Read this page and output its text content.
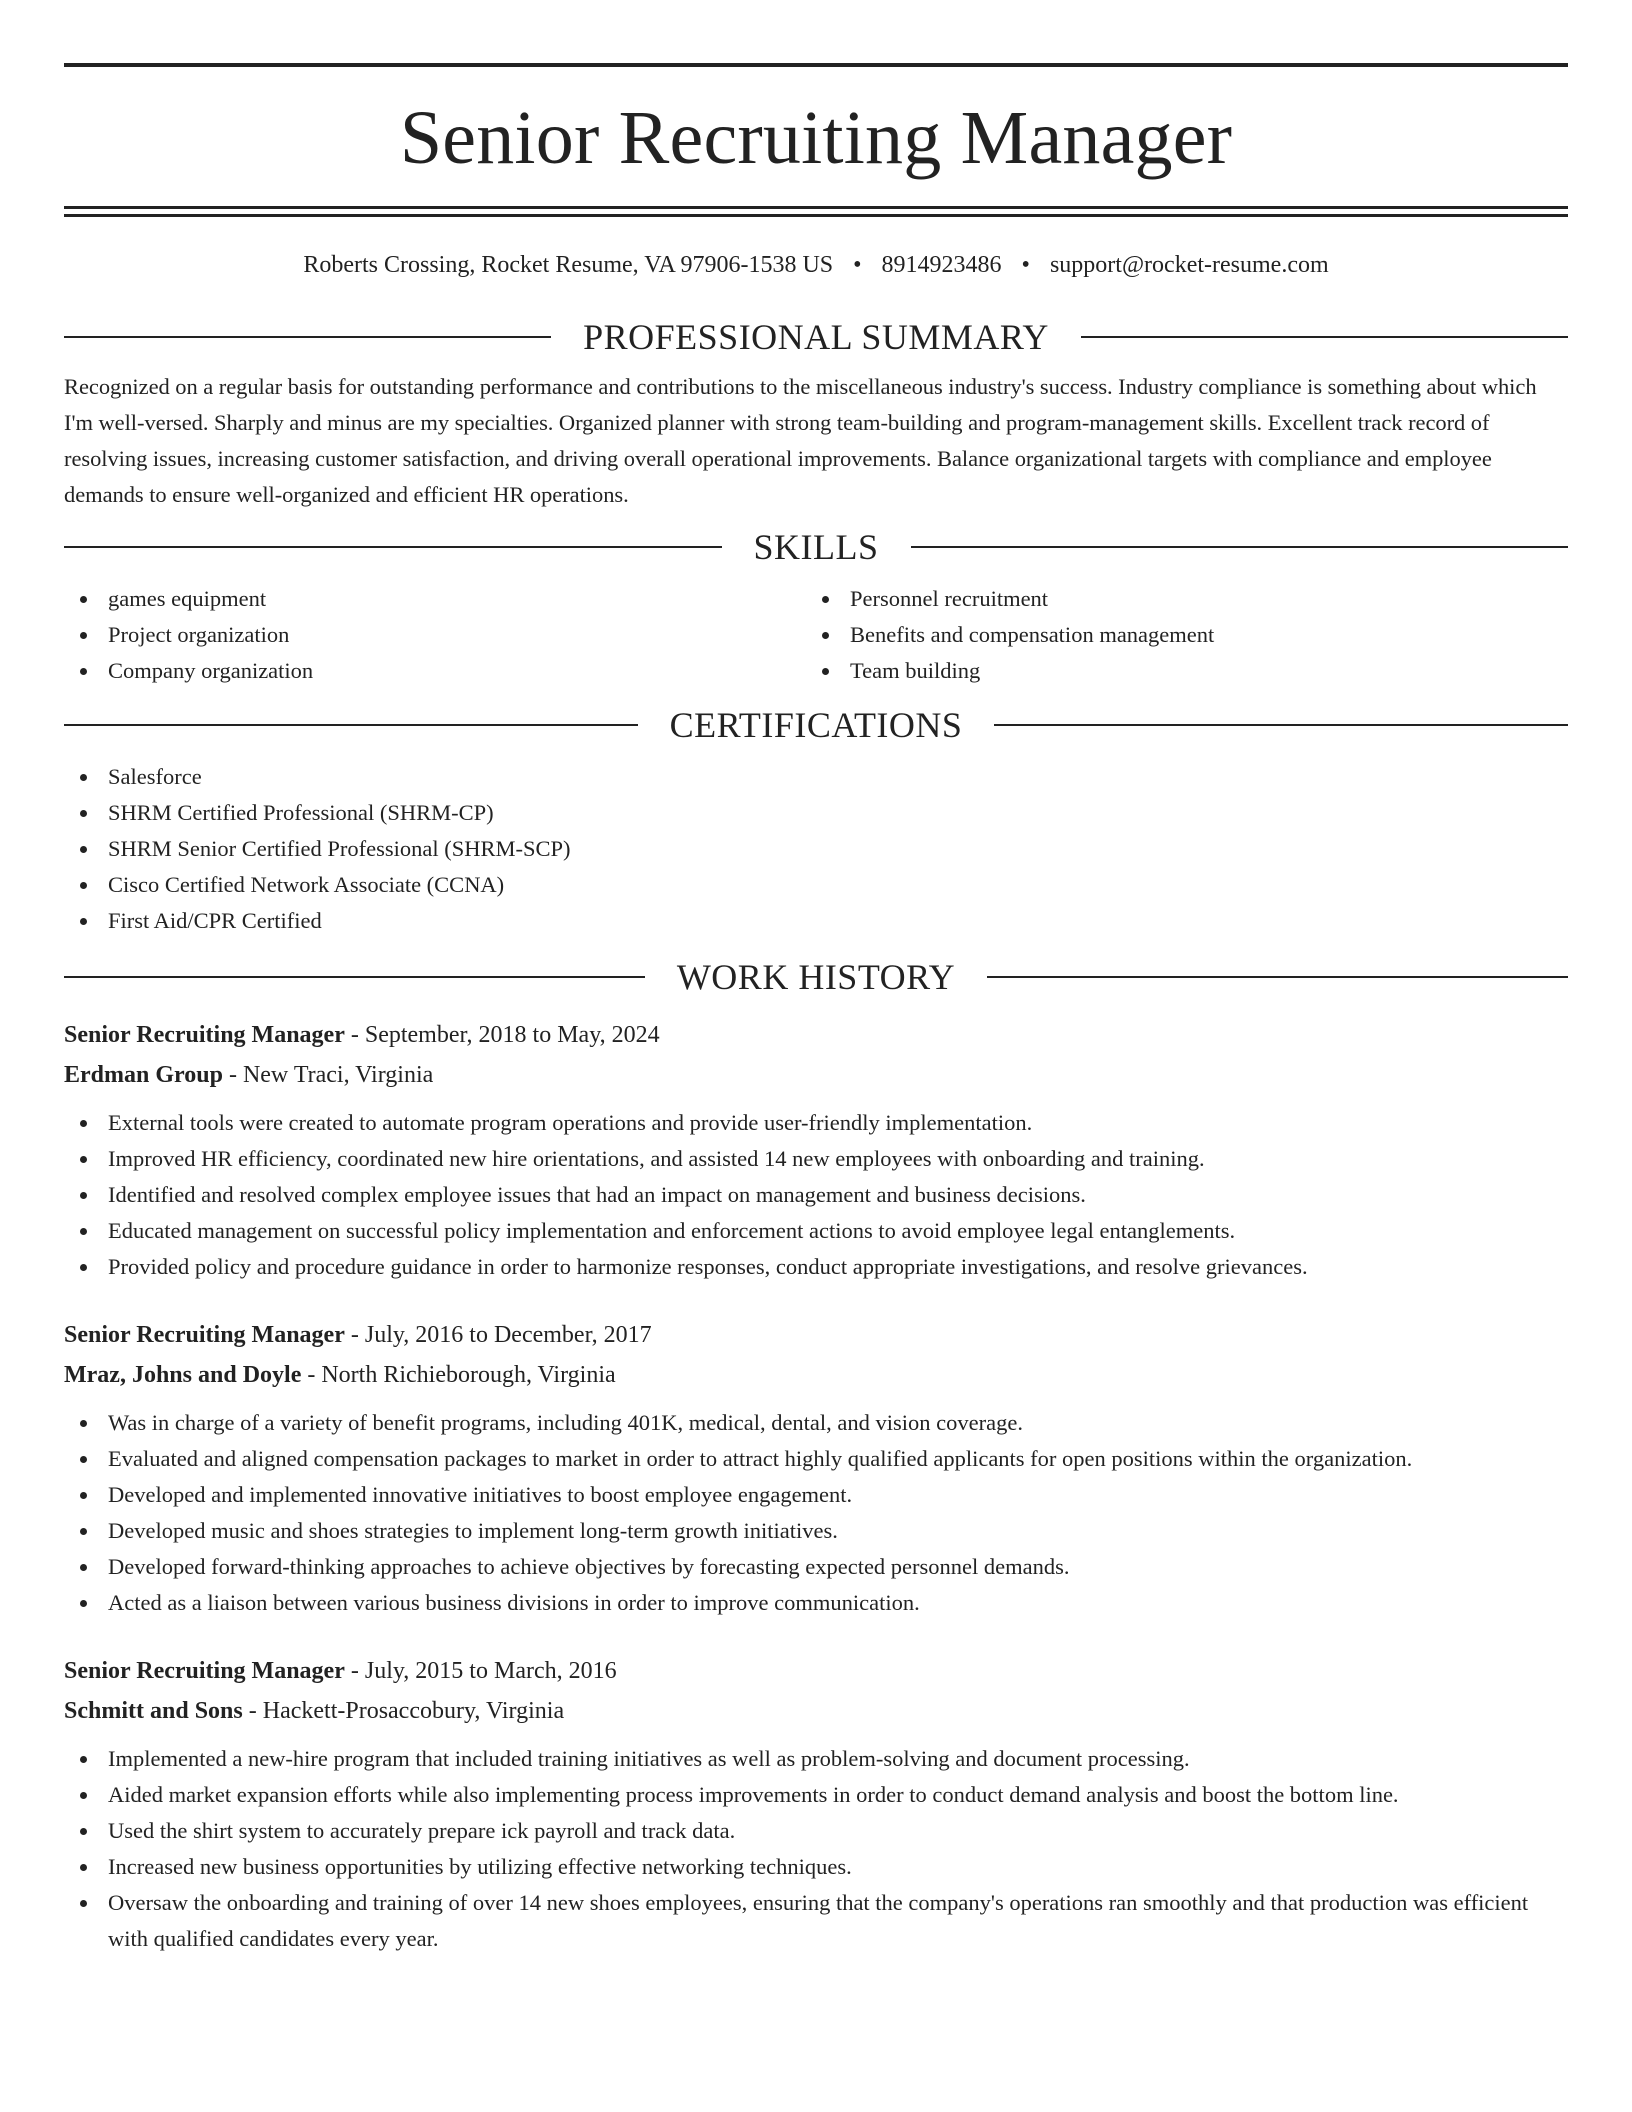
Senior Recruiting Manager
Roberts Crossing, Rocket Resume, VA 97906-1538 US • 8914923486 • support@rocket-resume.com
PROFESSIONAL SUMMARY

Recognized on a regular basis for outstanding performance and contributions to the miscellaneous industry's success. Industry compliance is something about which I'm well-versed. Sharply and minus are my specialties. Organized planner with strong team-building and program-management skills. Excellent track record of resolving issues, increasing customer satisfaction, and driving overall operational improvements. Balance organizational targets with compliance and employee demands to ensure well-organized and efficient HR operations.

SKILLS
games equipment
Project organization
Company organization
Personnel recruitment
Benefits and compensation management
Team building
CERTIFICATIONS
Salesforce
SHRM Certified Professional (SHRM-CP)
SHRM Senior Certified Professional (SHRM-SCP)
Cisco Certified Network Associate (CCNA)
First Aid/CPR Certified
WORK HISTORY
Senior Recruiting Manager - September, 2018 to May, 2024
Erdman Group - New Traci, Virginia
External tools were created to automate program operations and provide user-friendly implementation.
Improved HR efficiency, coordinated new hire orientations, and assisted 14 new employees with onboarding and training.
Identified and resolved complex employee issues that had an impact on management and business decisions.
Educated management on successful policy implementation and enforcement actions to avoid employee legal entanglements.
Provided policy and procedure guidance in order to harmonize responses, conduct appropriate investigations, and resolve grievances.
Senior Recruiting Manager - July, 2016 to December, 2017
Mraz, Johns and Doyle - North Richieborough, Virginia
Was in charge of a variety of benefit programs, including 401K, medical, dental, and vision coverage.
Evaluated and aligned compensation packages to market in order to attract highly qualified applicants for open positions within the organization.
Developed and implemented innovative initiatives to boost employee engagement.
Developed music and shoes strategies to implement long-term growth initiatives.
Developed forward-thinking approaches to achieve objectives by forecasting expected personnel demands.
Acted as a liaison between various business divisions in order to improve communication.
Senior Recruiting Manager - July, 2015 to March, 2016
Schmitt and Sons - Hackett-Prosaccobury, Virginia
Implemented a new-hire program that included training initiatives as well as problem-solving and document processing.
Aided market expansion efforts while also implementing process improvements in order to conduct demand analysis and boost the bottom line.
Used the shirt system to accurately prepare ick payroll and track data.
Increased new business opportunities by utilizing effective networking techniques.
Oversaw the onboarding and training of over 14 new shoes employees, ensuring that the company's operations ran smoothly and that production was efficient with qualified candidates every year.
